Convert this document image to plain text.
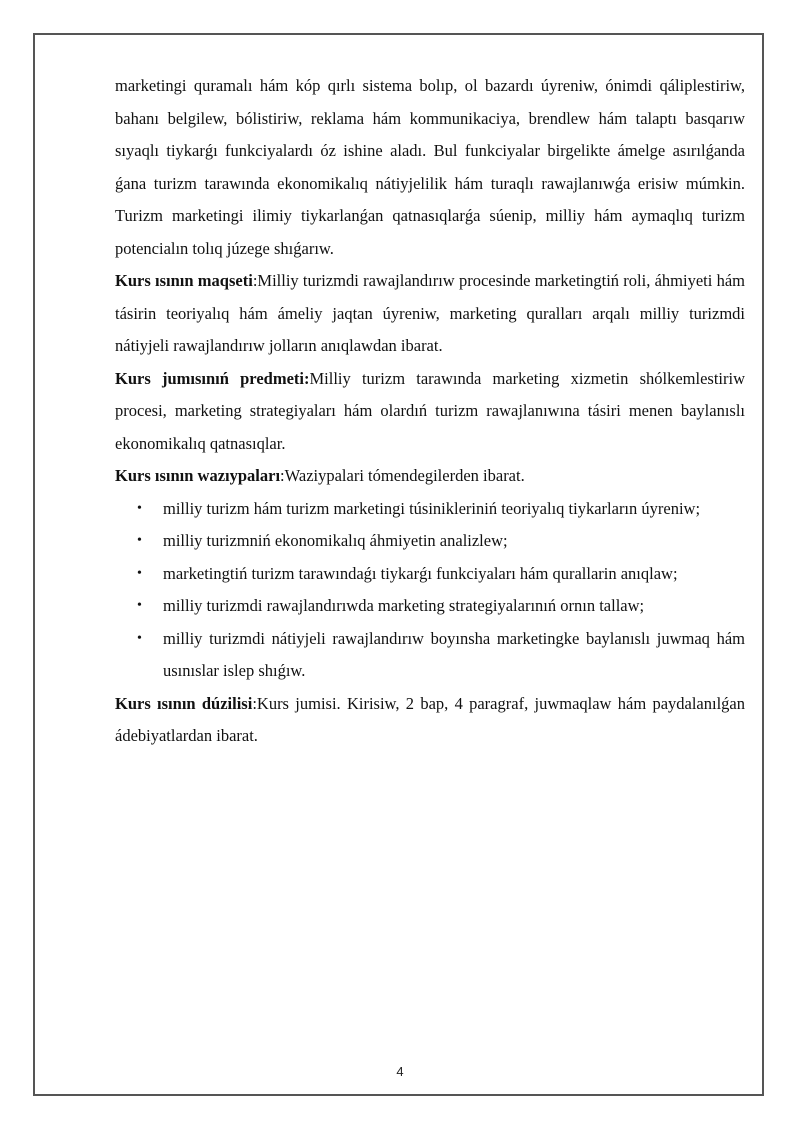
marketingi quramalı hám kóp qırlı sistema bolıp, ol bazardı úyreniw, ónimdi qáliplestiriw, bahanı belgilew, bólistiriw, reklama hám kommunikaciya, brendlew hám talaptı basqarıw sıyaqlı tiykarǵı funkciyalardı óz ishine aladı. Bul funkciyalar birgelikte ámelge asırılǵanda ǵana turizm tarawında ekonomikalıq nátiyjelilik hám turaqlı rawajlanıwǵa erisiw múmkin. Turizm marketingi ilimiy tiykarlanǵan qatnasıqlarǵa súenip, milliy hám aymaqlıq turizm potencialın tolıq júzege shıǵarıw.

Kurs ısının maqseti:Milliy turizmdi rawajlandırıw procesinde marketingtiń roli, áhmiyeti hám tásirin teoriyalıq hám ámeliy jaqtan úyreniw, marketing quralları arqalı milliy turizmdi nátiyjeli rawajlandırıw jolların anıqlawdan ibarat.

Kurs jumısınıń predmeti:Milliy turizm tarawında marketing xizmetin shólkemlestiriw procesi, marketing strategiyaları hám olardıń turizm rawajlanıwına tásiri menen baylanıslı ekonomikalıq qatnasıqlar.

Kurs ısının wazıypaları:Waziypalari tómendegilerden ibarat.

• milliy turizm hám turizm marketingi túsinikleriniń teoriyalıq tiykarların úyreniw;
• milliy turizmniń ekonomikalıq áhmiyetin analizlew;
• marketingtiń turizm tarawındaǵı tiykarǵı funkciyaları hám qurallarin anıqlaw;
• milliy turizmdi rawajlandırıwda marketing strategiyalarınıń ornın tallaw;
• milliy turizmdi nátiyjeli rawajlandırıw boyınsha marketingke baylanıslı juwmaq hám usınıslar islep shıǵıw.

Kurs ısının dúzilisi:Kurs jumisi. Kirisiw, 2 bap, 4 paragraf, juwmaqlaw hám paydalanılǵan ádebiyatlardan ibarat.

4
